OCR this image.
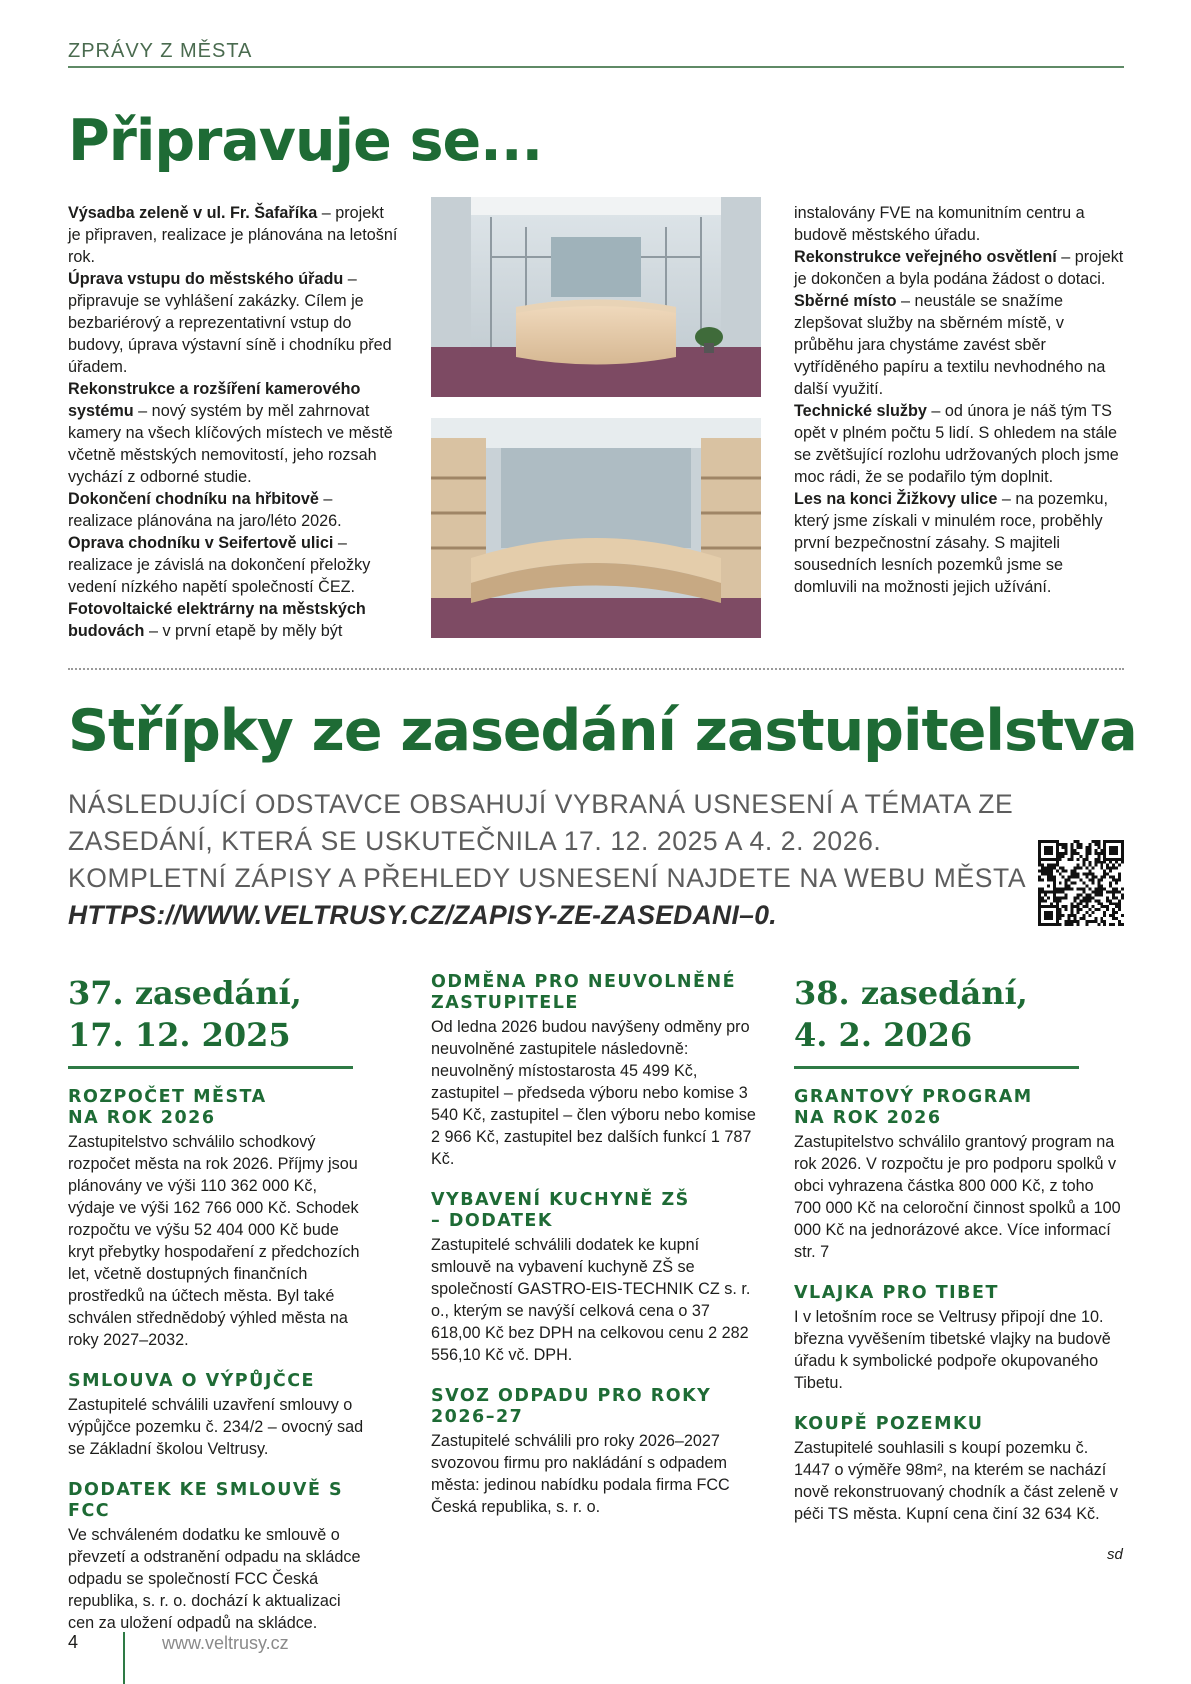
ZPRÁVY Z MĚSTA
Připravuje se...

Výsadba zeleně v ul. Fr. Šafaříka – projekt je připraven, realizace je plánována na letošní rok.

Úprava vstupu do městského úřadu – připravuje se vyhlášení zakázky. Cílem je bezbariérový a reprezentativní vstup do budovy, úprava výstavní síně i chodníku před úřadem.

Rekonstrukce a rozšíření kamerového systému – nový systém by měl zahrnovat kamery na všech klíčových místech ve městě včetně městských nemovitostí, jeho rozsah vychází z odborné studie.

Dokončení chodníku na hřbitově – realizace plánována na jaro/léto 2026.

Oprava chodníku v Seifertově ulici – realizace je závislá na dokončení přeložky vedení nízkého napětí společností ČEZ.

Fotovoltaické elektrárny na městských budovách – v první etapě by měly být

instalovány FVE na komunitním centru a budově městského úřadu.

Rekonstrukce veřejného osvětlení – projekt je dokončen a byla podána žádost o dotaci.

Sběrné místo – neustále se snažíme zlepšovat služby na sběrném místě, v průběhu jara chystáme zavést sběr vytříděného papíru a textilu nevhodného na další využití.

Technické služby – od února je náš tým TS opět v plném počtu 5 lidí. S ohledem na stále se zvětšující rozlohu udržovaných ploch jsme moc rádi, že se podařilo tým doplnit.

Les na konci Žižkovy ulice – na pozemku, který jsme získali v minulém roce, proběhly první bezpečnostní zásahy. S majiteli sousedních lesních pozemků jsme se domluvili na možnosti jejich užívání.

Střípky ze zasedání zastupitelstva
NÁSLEDUJÍCÍ ODSTAVCE OBSAHUJÍ VYBRANÁ USNESENÍ A TÉMATA ZE ZASEDÁNÍ, KTERÁ SE USKUTEČNILA 17. 12. 2025 A 4. 2. 2026. KOMPLETNÍ ZÁPISY A PŘEHLEDY USNESENÍ NAJDETE NA WEBU MĚSTA
HTTPS://WWW.VELTRUSY.CZ/ZAPISY-ZE-ZASEDANI–0.
37. zasedání,
17. 12. 2025
ROZPOČET MĚSTA NA ROK 2026
Zastupitelstvo schválilo schodkový rozpočet města na rok 2026. Příjmy jsou plánovány ve výši 110 362 000 Kč, výdaje ve výši 162 766 000 Kč. Schodek rozpočtu ve výšu 52 404 000 Kč bude kryt přebytky hospodaření z předchozích let, včetně dostupných finančních prostředků na účtech města. Byl také schválen střednědobý výhled města na roky 2027–2032.
SMLOUVA O VÝPŮJČCE
Zastupitelé schválili uzavření smlouvy o výpůjčce pozemku č. 234/2 – ovocný sad se Základní školou Veltrusy.
DODATEK KE SMLOUVĚ S FCC
Ve schváleném dodatku ke smlouvě o převzetí a odstranění odpadu na skládce odpadu se společností FCC Česká republika, s. r. o. dochází k aktualizaci cen za uložení odpadů na skládce.
ODMĚNA PRO NEUVOLNĚNÉ ZASTUPITELE
Od ledna 2026 budou navýšeny odměny pro neuvolněné zastupitele následovně: neuvolněný místostarosta 45 499 Kč, zastupitel – předseda výboru nebo komise 3 540 Kč, zastupitel – člen výboru nebo komise 2 966 Kč, zastupitel bez dalších funkcí 1 787 Kč.
VYBAVENÍ KUCHYNĚ ZŠ – DODATEK
Zastupitelé schválili dodatek ke kupní smlouvě na vybavení kuchyně ZŠ se společností GASTRO-EIS-TECHNIK CZ s. r. o., kterým se navýší celková cena o 37 618,00 Kč bez DPH na celkovou cenu 2 282 556,10 Kč vč. DPH.
SVOZ ODPADU PRO ROKY 2026–27
Zastupitelé schválili pro roky 2026–2027 svozovou firmu pro nakládání s odpadem města: jedinou nabídku podala firma FCC Česká republika, s. r. o.
38. zasedání,
4. 2. 2026
GRANTOVÝ PROGRAM NA ROK 2026
Zastupitelstvo schválilo grantový program na rok 2026. V rozpočtu je pro podporu spolků v obci vyhrazena částka 800 000 Kč, z toho 700 000 Kč na celoroční činnost spolků a 100 000 Kč na jednorázové akce. Více informací str. 7
VLAJKA PRO TIBET
I v letošním roce se Veltrusy připojí dne 10. března vyvěšením tibetské vlajky na budově úřadu k symbolické podpoře okupovaného Tibetu.
KOUPĚ POZEMKU
Zastupitelé souhlasili s koupí pozemku č. 1447 o výměře 98m², na kterém se nachází nově rekonstruovaný chodník a část zeleně v péči TS města. Kupní cena činí 32 634 Kč.
sd
4	www.veltrusy.cz
